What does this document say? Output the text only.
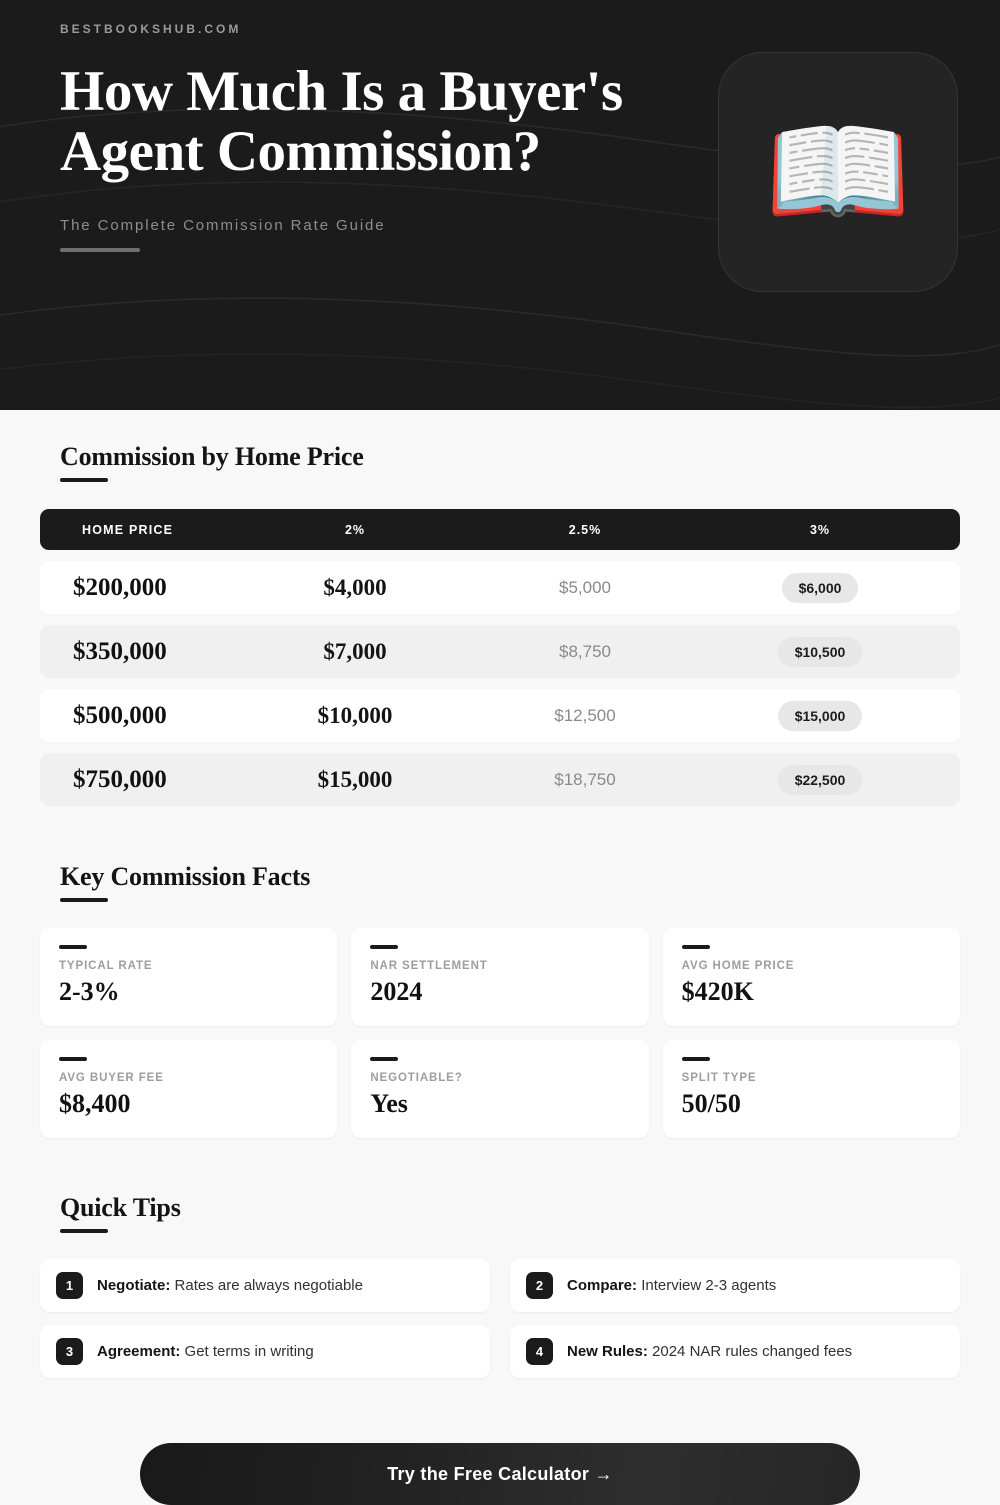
BESTBOOKSHUB.COM
How Much Is a Buyer's Agent Commission?
The Complete Commission Rate Guide	📖
Commission by Home Price
HOME PRICE	2%	2.5%	3%
$200,000	$4,000	$5,000	$6,000
$350,000	$7,000	$8,750	$10,500
$500,000	$10,000	$12,500	$15,000
$750,000	$15,000	$18,750	$22,500
Key Commission Facts
TYPICAL RATE
2-3%
NAR SETTLEMENT
2024
AVG HOME PRICE
$420K
AVG BUYER FEE
$8,400
NEGOTIABLE?
Yes
SPLIT TYPE
50/50
Quick Tips
1	Negotiate: Rates are always negotiable	2	Compare: Interview 2-3 agents
3	Agreement: Get terms in writing	4	New Rules: 2024 NAR rules changed fees
Try the Free Calculator →
